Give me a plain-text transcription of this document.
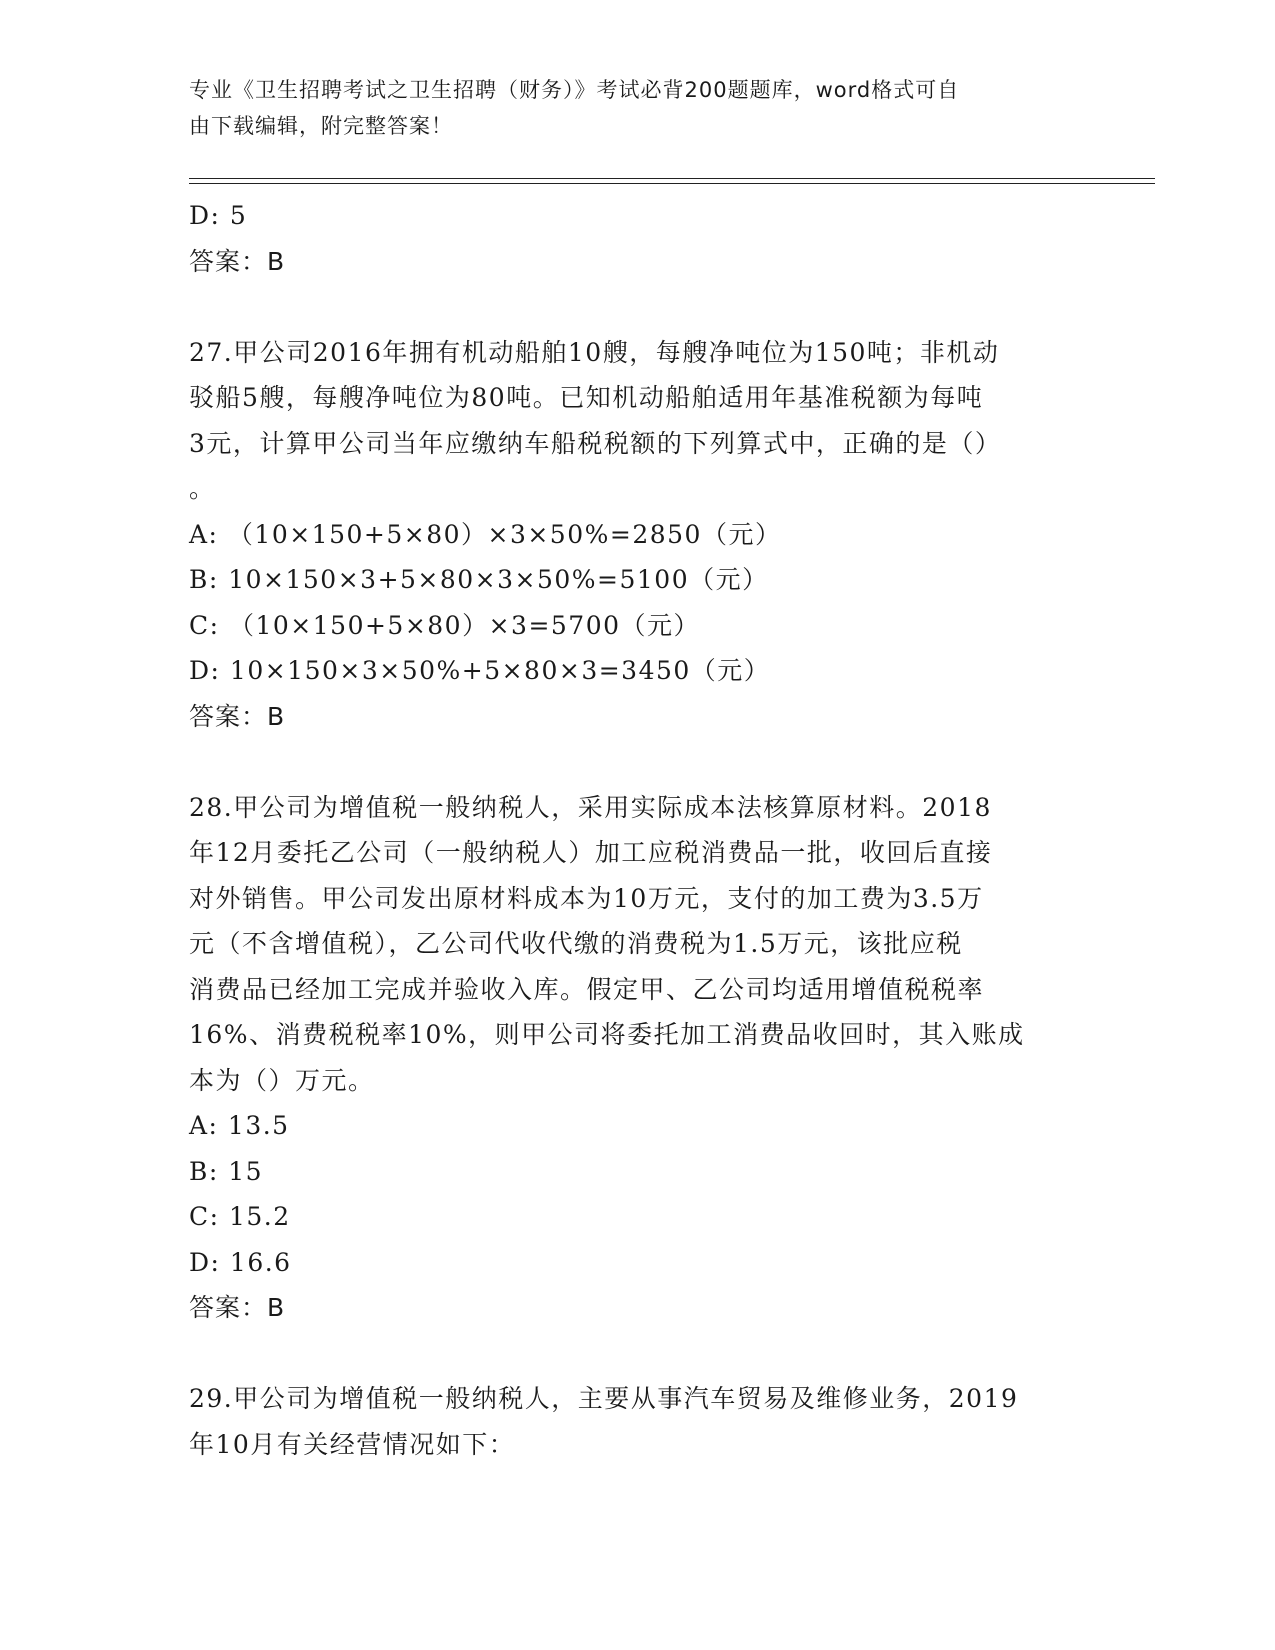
专业《卫生招聘考试之卫生招聘（财务）》考试必背200题题库，word格式可自
由下载编辑，附完整答案！
D: 5
答案：B
27.甲公司2016年拥有机动船舶10艘，每艘净吨位为150吨；非机动
驳船5艘，每艘净吨位为80吨。已知机动船舶适用年基准税额为每吨
3元，计算甲公司当年应缴纳车船税税额的下列算式中，正确的是（）
。
A: （10×150+5×80）×3×50%=2850（元）
B: 10×150×3+5×80×3×50%=5100（元）
C: （10×150+5×80）×3=5700（元）
D: 10×150×3×50%+5×80×3=3450（元）
答案：B
28.甲公司为增值税一般纳税人，采用实际成本法核算原材料。2018
年12月委托乙公司（一般纳税人）加工应税消费品一批，收回后直接
对外销售。甲公司发出原材料成本为10万元，支付的加工费为3.5万
元（不含增值税），乙公司代收代缴的消费税为1.5万元，该批应税
消费品已经加工完成并验收入库。假定甲、乙公司均适用增值税税率
16%、消费税税率10%，则甲公司将委托加工消费品收回时，其入账成
本为（）万元。
A: 13.5
B: 15
C: 15.2
D: 16.6
答案：B
29.甲公司为增值税一般纳税人，主要从事汽车贸易及维修业务，2019
年10月有关经营情况如下：
